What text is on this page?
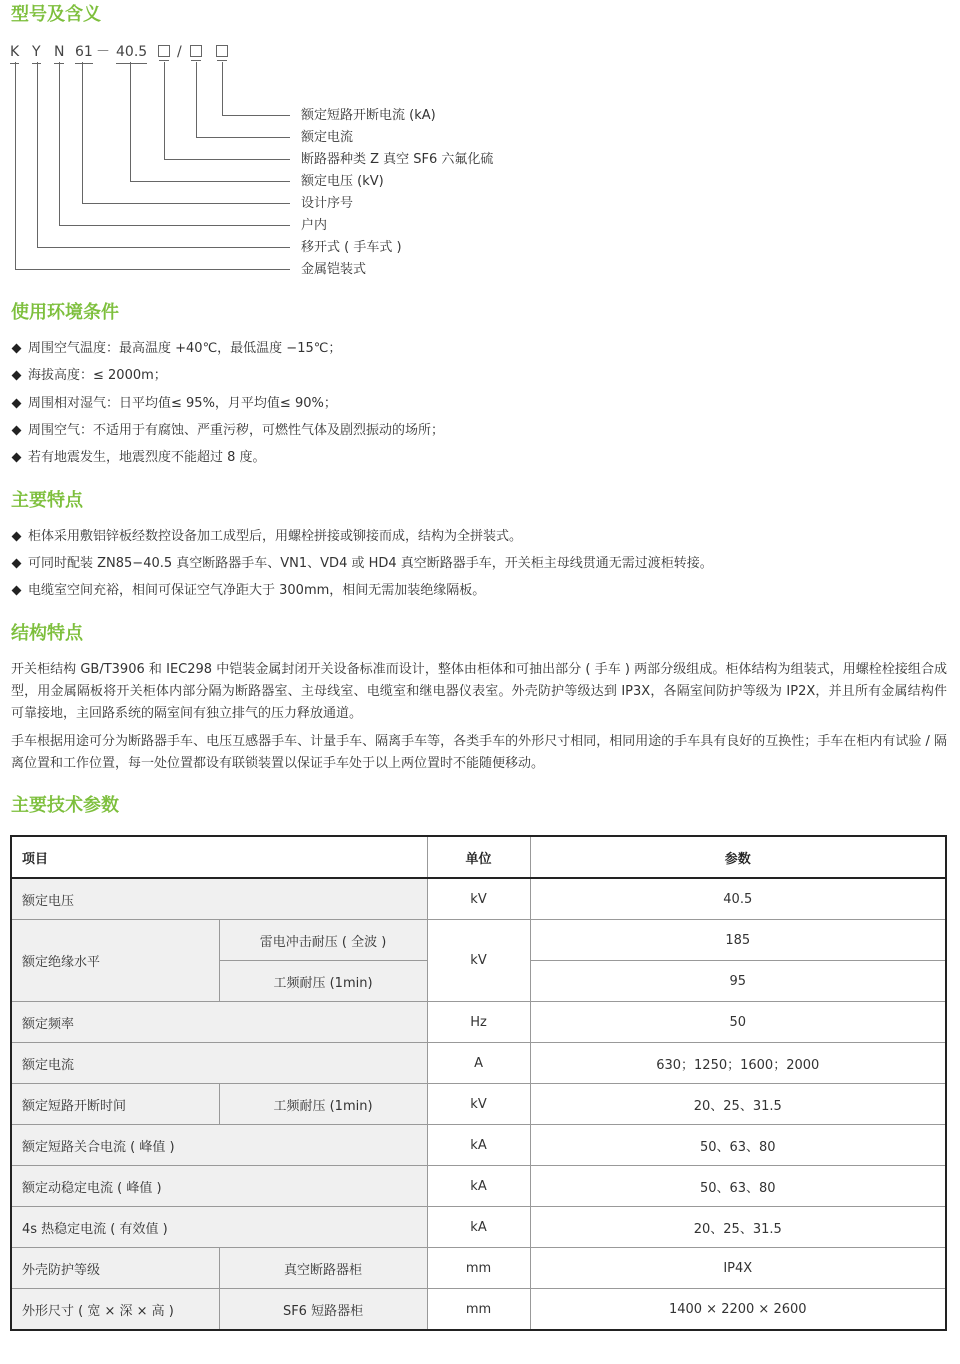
型号及含义
K Y N 61 － 40.5 /
额定短路开断电流 (kA)
额定电流
断路器种类 Z 真空 SF6 六氟化硫
额定电压 (kV)
设计序号
户内
移开式 ( 手车式 )
金属铠装式
使用环境条件
周围空气温度：最高温度 +40℃，最低温度 −15℃；
海拔高度：≤ 2000m；
周围相对湿气：日平均值≤ 95%，月平均值≤ 90%；
周围空气：不适用于有腐蚀、严重污秽，可燃性气体及剧烈振动的场所；
若有地震发生，地震烈度不能超过 8 度。
主要特点
柜体采用敷铝锌板经数控设备加工成型后，用螺栓拼接或铆接而成，结构为全拼装式。
可同时配装 ZN85−40.5 真空断路器手车、VN1、VD4 或 HD4 真空断路器手车，开关柜主母线贯通无需过渡柜转接。
电缆室空间充裕，相间可保证空气净距大于 300mm，相间无需加装绝缘隔板。
结构特点

开关柜结构 GB/T3906 和 IEC298 中铠装金属封闭开关设备标准而设计，整体由柜体和可抽出部分 ( 手车 ) 两部分级组成。柜体结构为组装式，用螺栓栓接组合成型，用金属隔板将开关柜体内部分隔为断路器室、主母线室、电缆室和继电器仪表室。外壳防护等级达到 IP3X，各隔室间防护等级为 IP2X，并且所有金属结构件可靠接地，主回路系统的隔室间有独立排气的压力释放通道。

手车根据用途可分为断路器手车、电压互感器手车、计量手车、隔离手车等，各类手车的外形尺寸相同，相同用途的手车具有良好的互换性；手车在柜内有试验 / 隔离位置和工作位置，每一处位置都设有联锁装置以保证手车处于以上两位置时不能随便移动。

主要技术参数
项目		单位	参数
额定电压		kV	40.5
额定绝缘水平	雷电冲击耐压 ( 全波 )	kV	185
	工频耐压 (1min)		95
额定频率		Hz	50
额定电流		A	630；1250；1600；2000
额定短路开断时间	工频耐压 (1min)	kV	20、25、31.5
额定短路关合电流 ( 峰值 )		kA	50、63、80
额定动稳定电流 ( 峰值 )		kA	50、63、80
4s 热稳定电流 ( 有效值 )		kA	20、25、31.5
外壳防护等级	真空断路器柜	mm	IP4X
外形尺寸 ( 宽 × 深 × 高 )	SF6 短路器柜	mm	1400 × 2200 × 2600
